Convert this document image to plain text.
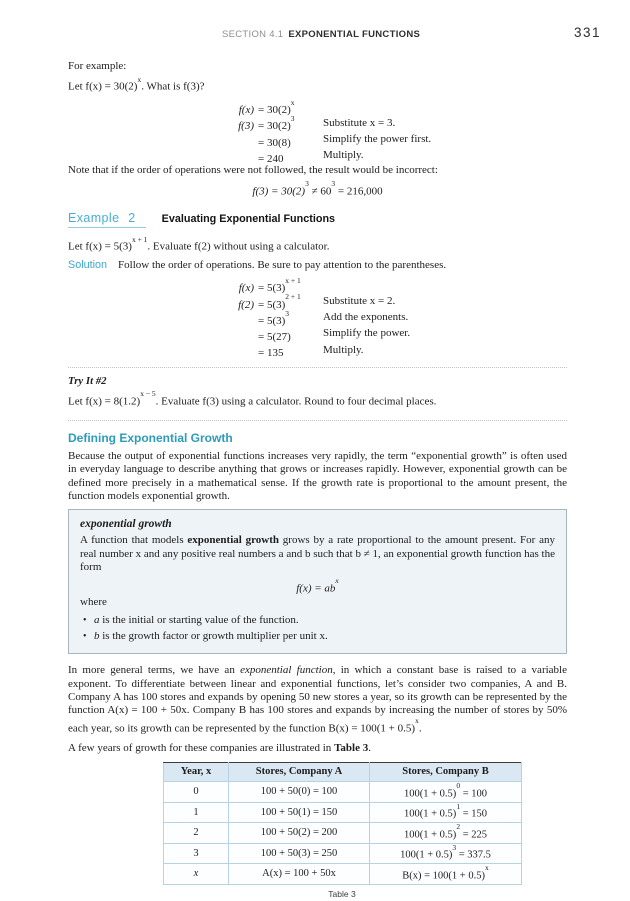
SECTION 4.1 EXPONENTIAL FUNCTIONS	331
For example:
Let $f(x) = 30(2)^x$. What is f(3)?
$f(x) = 30(2)^x$
$f(3) = 30(2)^3$	Substitute x = 3.
= 30(8)	Simplify the power first.
= 240	Multiply.
Note that if the order of operations were not followed, the result would be incorrect:
$f(3) = 30(2)^3 \ne 60^3 = 216,000$
Example 2 Evaluating Exponential Functions
Let $f(x) = 5(3)^{x + 1}$. Evaluate f(2) without using a calculator.
Solution Follow the order of operations. Be sure to pay attention to the parentheses.
$f(x) = 5(3)^{x + 1}$
$f(2) = 5(3)^{2 + 1}$ Substitute x = 2.
= $5(3)^3$	Add the exponents.
= 5(27)	Simplify the power.
= 135	Multiply.
Try It #2
Let $f(x) = 8(1.2)^{x - 5}$. Evaluate f(3) using a calculator. Round to four decimal places.
Defining Exponential Growth
Because the output of exponential functions increases very rapidly, the term “exponential growth” is often used in everyday language to describe anything that grows or increases rapidly. However, exponential growth can be defined more precisely in a mathematical sense. If the growth rate is proportional to the amount present, the function models exponential growth.
exponential growth
A function that models exponential growth grows by a rate proportional to the amount present. For any real number x and any positive real numbers a and b such that b ≠ 1, an exponential growth function has the form
$f(x) = ab^x$
where
• a is the initial or starting value of the function.
• b is the growth factor or growth multiplier per unit x.
In more general terms, we have an exponential function, in which a constant base is raised to a variable exponent. To differentiate between linear and exponential functions, let’s consider two companies, A and B. Company A has 100 stores and expands by opening 50 new stores a year, so its growth can be represented by the function A(x) = 100 + 50x. Company B has 100 stores and expands by increasing the number of stores by 50% each year, so its growth can be represented by the function $B(x) = 100(1 + 0.5)^x$.
A few years of growth for these companies are illustrated in Table 3.
Year, x	Stores, Company A	Stores, Company B
0	100 + 50(0) = 100	$100(1 + 0.5)^0 = 100$
1	100 + 50(1) = 150	$100(1 + 0.5)^1 = 150$
2	100 + 50(2) = 200	$100(1 + 0.5)^2 = 225$
3	100 + 50(3) = 250	$100(1 + 0.5)^3 = 337.5$
x	A(x) = 100 + 50x	$B(x) = 100(1 + 0.5)^x$
Table 3
